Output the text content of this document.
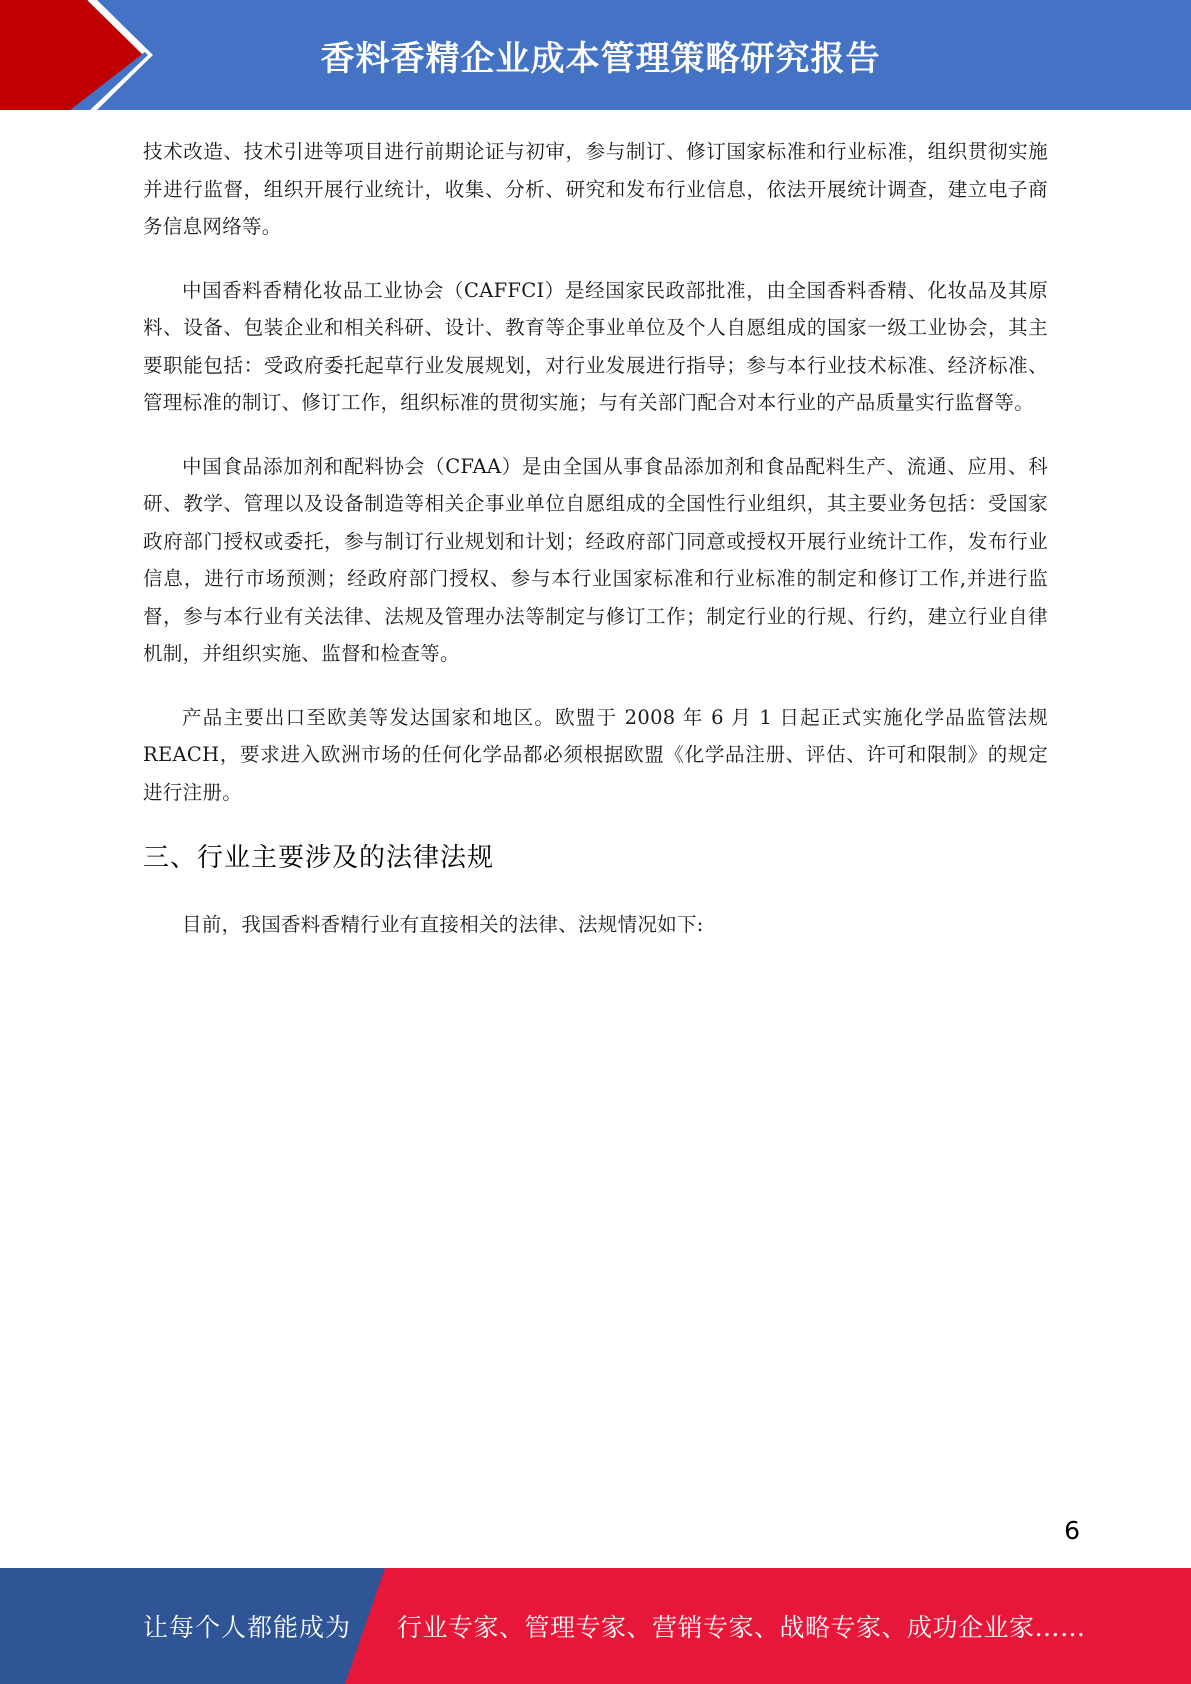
香料香精企业成本管理策略研究报告

技术改造、技术引进等项目进行前期论证与初审，参与制订、修订国家标准和行业标准，组织贯彻实施并进行监督，组织开展行业统计，收集、分析、研究和发布行业信息，依法开展统计调查，建立电子商务信息网络等。

中国香料香精化妆品工业协会（CAFFCI）是经国家民政部批准，由全国香料香精、化妆品及其原料、设备、包装企业和相关科研、设计、教育等企事业单位及个人自愿组成的国家一级工业协会，其主要职能包括：受政府委托起草行业发展规划，对行业发展进行指导；参与本行业技术标准、经济标准、管理标准的制订、修订工作，组织标准的贯彻实施；与有关部门配合对本行业的产品质量实行监督等。

中国食品添加剂和配料协会（CFAA）是由全国从事食品添加剂和食品配料生产、流通、应用、科研、教学、管理以及设备制造等相关企事业单位自愿组成的全国性行业组织，其主要业务包括：受国家政府部门授权或委托，参与制订行业规划和计划；经政府部门同意或授权开展行业统计工作，发布行业信息，进行市场预测；经政府部门授权、参与本行业国家标准和行业标准的制定和修订工作,并进行监督，参与本行业有关法律、法规及管理办法等制定与修订工作；制定行业的行规、行约，建立行业自律机制，并组织实施、监督和检查等。

产品主要出口至欧美等发达国家和地区。欧盟于 2008 年 6 月 1 日起正式实施化学品监管法规 REACH，要求进入欧洲市场的任何化学品都必须根据欧盟《化学品注册、评估、许可和限制》的规定进行注册。

三、行业主要涉及的法律法规

目前，我国香料香精行业有直接相关的法律、法规情况如下:

6
让每个人都能成为 行业专家、管理专家、营销专家、战略专家、成功企业家……
